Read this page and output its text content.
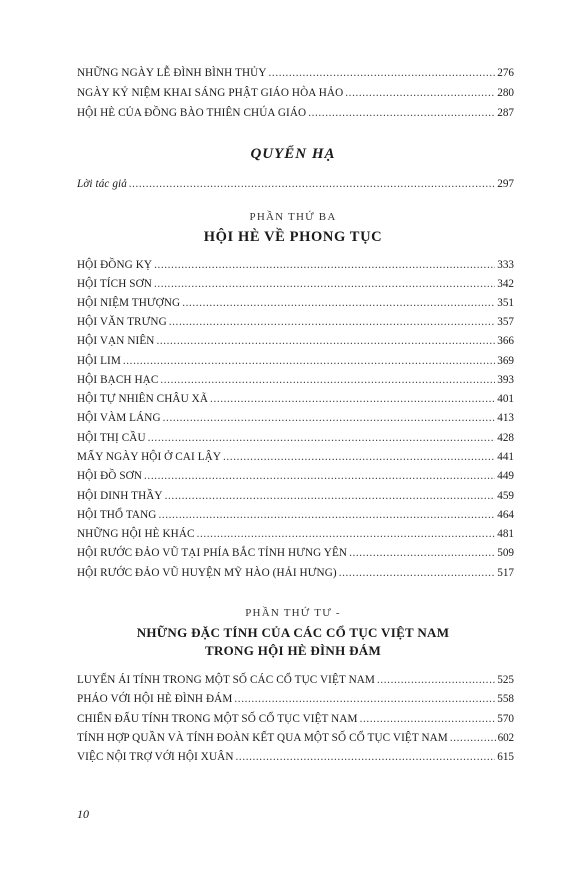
NHỮNG NGÀY LỄ ĐÌNH BÌNH THỦY .....	276
NGÀY KỶ NIỆM KHAI SÁNG PHẬT GIÁO HÒA HẢO .....	280
HỘI HÈ CỦA ĐỒNG BÀO THIÊN CHÚA GIÁO .....	287
QUYỂN HẠ
Lời tác giả .....	297
PHẦN THỨ BA
HỘI HÈ VỀ PHONG TỤC
HỘI ĐỒNG KỴ .....	333
HỘI TÍCH SƠN .....	342
HỘI NIỆM THƯỢNG .....	351
HỘI VĂN TRƯNG .....	357
HỘI VẠN NIÊN .....	366
HỘI LIM .....	369
HỘI BẠCH HẠC .....	393
HỘI TỰ NHIÊN CHÂU XÃ .....	401
HỘI VÀM LÁNG .....	413
HỘI THỊ CẦU .....	428
MẤY NGÀY HỘI Ở CAI LẬY .....	441
HỘI ĐỒ SƠN .....	449
HỘI DINH THẦY .....	459
HỘI THỔ TANG .....	464
NHỮNG HỘI HÈ KHÁC .....	481
HỘI RƯỚC ĐẢO VŨ TẠI PHÍA BẮC TỈNH HƯNG YÊN .....	509
HỘI RƯỚC ĐẢO VŨ HUYỆN MỸ HÀO (HẢI HƯNG) .....	517
PHẦN THỨ TƯ -
NHỮNG ĐẶC TÍNH CỦA CÁC CỔ TỤC VIỆT NAM
TRONG HỘI HÈ ĐÌNH ĐÁM
LUYẾN ÁI TÍNH TRONG MỘT SỐ CÁC CỔ TỤC VIỆT NAM .....	525
PHÁO VỚI HỘI HÈ ĐÌNH ĐÁM .....	558
CHIẾN ĐẤU TÍNH TRONG MỘT SỐ CỔ TỤC VIỆT NAM .....	570
TÍNH HỢP QUẦN VÀ TÍNH ĐOÀN KẾT QUA MỘT SỐ CỔ TỤC VIỆT NAM .....	602
VIỆC NỘI TRỢ VỚI HỘI XUÂN .....	615
10
